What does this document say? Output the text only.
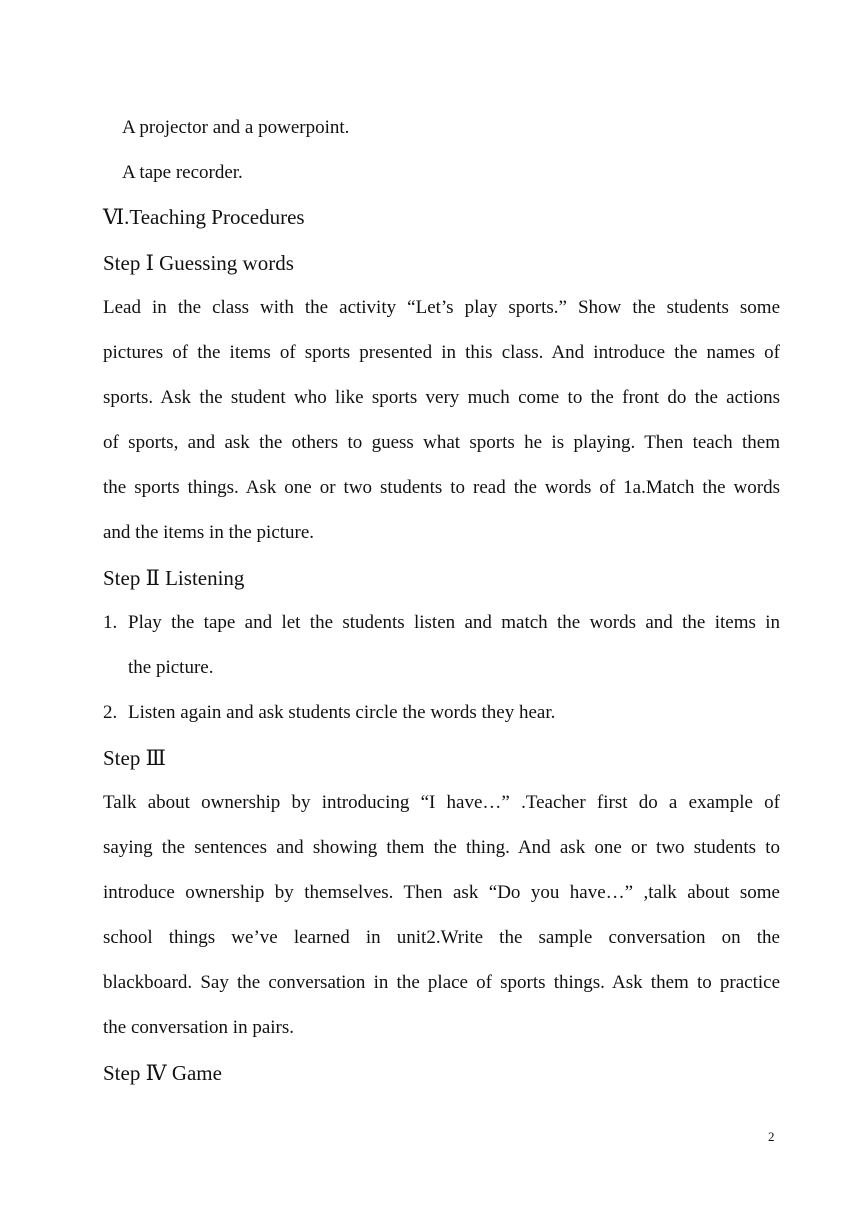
A projector and a powerpoint.
A tape recorder.
Ⅵ.Teaching Procedures
Step Ⅰ Guessing words
Lead in the class with the activity “Let’s play sports.” Show the students some
pictures of the items of sports presented in this class. And introduce the names of
sports. Ask the student who like sports very much come to the front do the actions
of sports, and ask the others to guess what sports he is playing. Then teach them
the sports things. Ask one or two students to read the words of 1a.Match the words
and the items in the picture.
Step Ⅱ Listening
1. Play the tape and let the students listen and match the words and the items in
the picture.
2. Listen again and ask students circle the words they hear.
Step Ⅲ
Talk about ownership by introducing “I have…” .Teacher first do a example of
saying the sentences and showing them the thing. And ask one or two students to
introduce ownership by themselves. Then ask “Do you have…” ,talk about some
school things we’ve learned in unit2.Write the sample conversation on the
blackboard. Say the conversation in the place of sports things. Ask them to practice
the conversation in pairs.
Step Ⅳ Game
2
